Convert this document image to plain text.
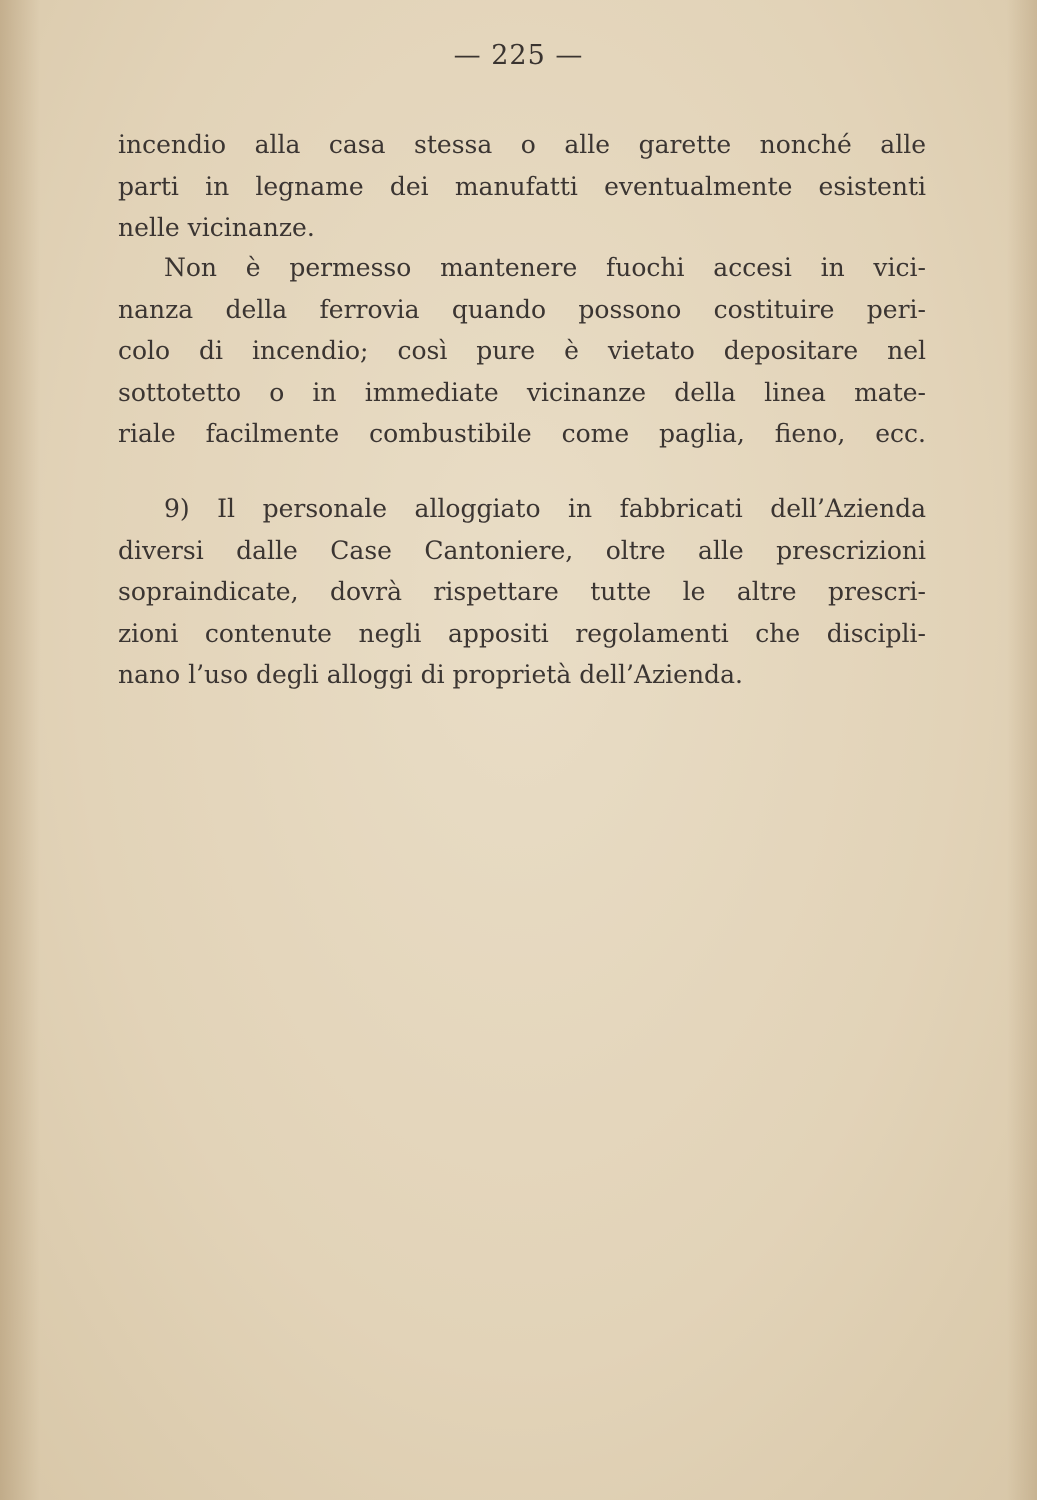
— 225 —
incendio alla casa stessa o alle garette nonché alle
parti in legname dei manufatti eventualmente esistenti
nelle vicinanze.
Non è permesso mantenere fuochi accesi in vici-
nanza della ferrovia quando possono costituire peri-
colo di incendio; così pure è vietato depositare nel
sottotetto o in immediate vicinanze della linea mate-
riale facilmente combustibile come paglia, fieno, ecc.
9) Il personale alloggiato in fabbricati dell’Azienda
diversi dalle Case Cantoniere, oltre alle prescrizioni
sopraindicate, dovrà rispettare tutte le altre prescri-
zioni contenute negli appositi regolamenti che discipli-
nano l’uso degli alloggi di proprietà dell’Azienda.
